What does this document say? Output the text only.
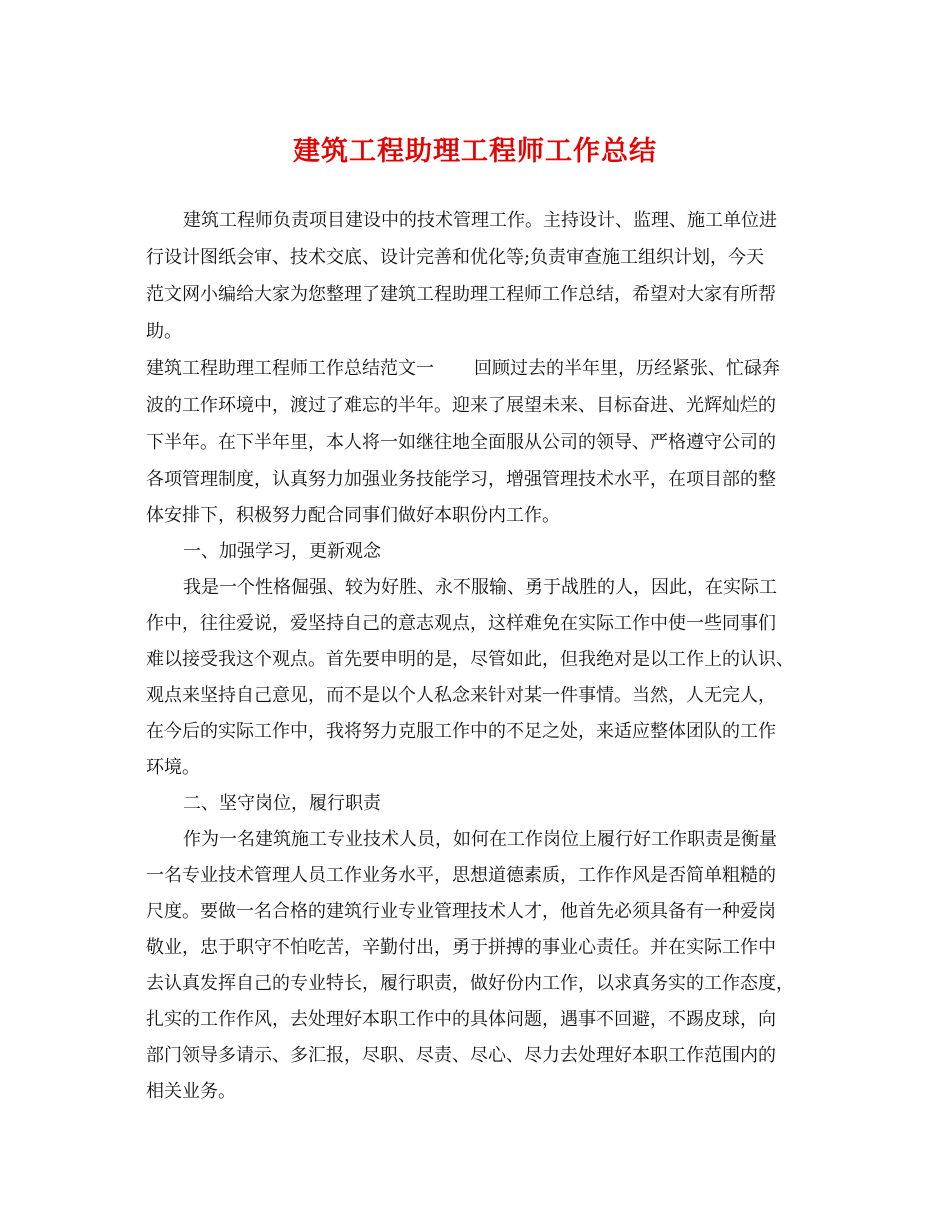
建筑工程助理工程师工作总结
建筑工程师负责项目建设中的技术管理工作。主持设计、监理、施工单位进
行设计图纸会审、技术交底、设计完善和优化等;负责审查施工组织计划，今天
范文网小编给大家为您整理了建筑工程助理工程师工作总结，希望对大家有所帮
助。
建筑工程助理工程师工作总结范文一 回顾过去的半年里，历经紧张、忙碌奔
波的工作环境中，渡过了难忘的半年。迎来了展望未来、目标奋进、光辉灿烂的
下半年。在下半年里，本人将一如继往地全面服从公司的领导、严格遵守公司的
各项管理制度，认真努力加强业务技能学习，增强管理技术水平，在项目部的整
体安排下，积极努力配合同事们做好本职份内工作。
一、加强学习，更新观念
我是一个性格倔强、较为好胜、永不服输、勇于战胜的人，因此，在实际工
作中，往往爱说，爱坚持自己的意志观点，这样难免在实际工作中使一些同事们
难以接受我这个观点。首先要申明的是，尽管如此，但我绝对是以工作上的认识、
观点来坚持自己意见，而不是以个人私念来针对某一件事情。当然，人无完人，
在今后的实际工作中，我将努力克服工作中的不足之处，来适应整体团队的工作
环境。
二、坚守岗位，履行职责
作为一名建筑施工专业技术人员，如何在工作岗位上履行好工作职责是衡量
一名专业技术管理人员工作业务水平，思想道德素质，工作作风是否简单粗糙的
尺度。要做一名合格的建筑行业专业管理技术人才，他首先必须具备有一种爱岗
敬业，忠于职守不怕吃苦，辛勤付出，勇于拼搏的事业心责任。并在实际工作中
去认真发挥自己的专业特长，履行职责，做好份内工作，以求真务实的工作态度，
扎实的工作作风，去处理好本职工作中的具体问题，遇事不回避，不踢皮球，向
部门领导多请示、多汇报，尽职、尽责、尽心、尽力去处理好本职工作范围内的
相关业务。
